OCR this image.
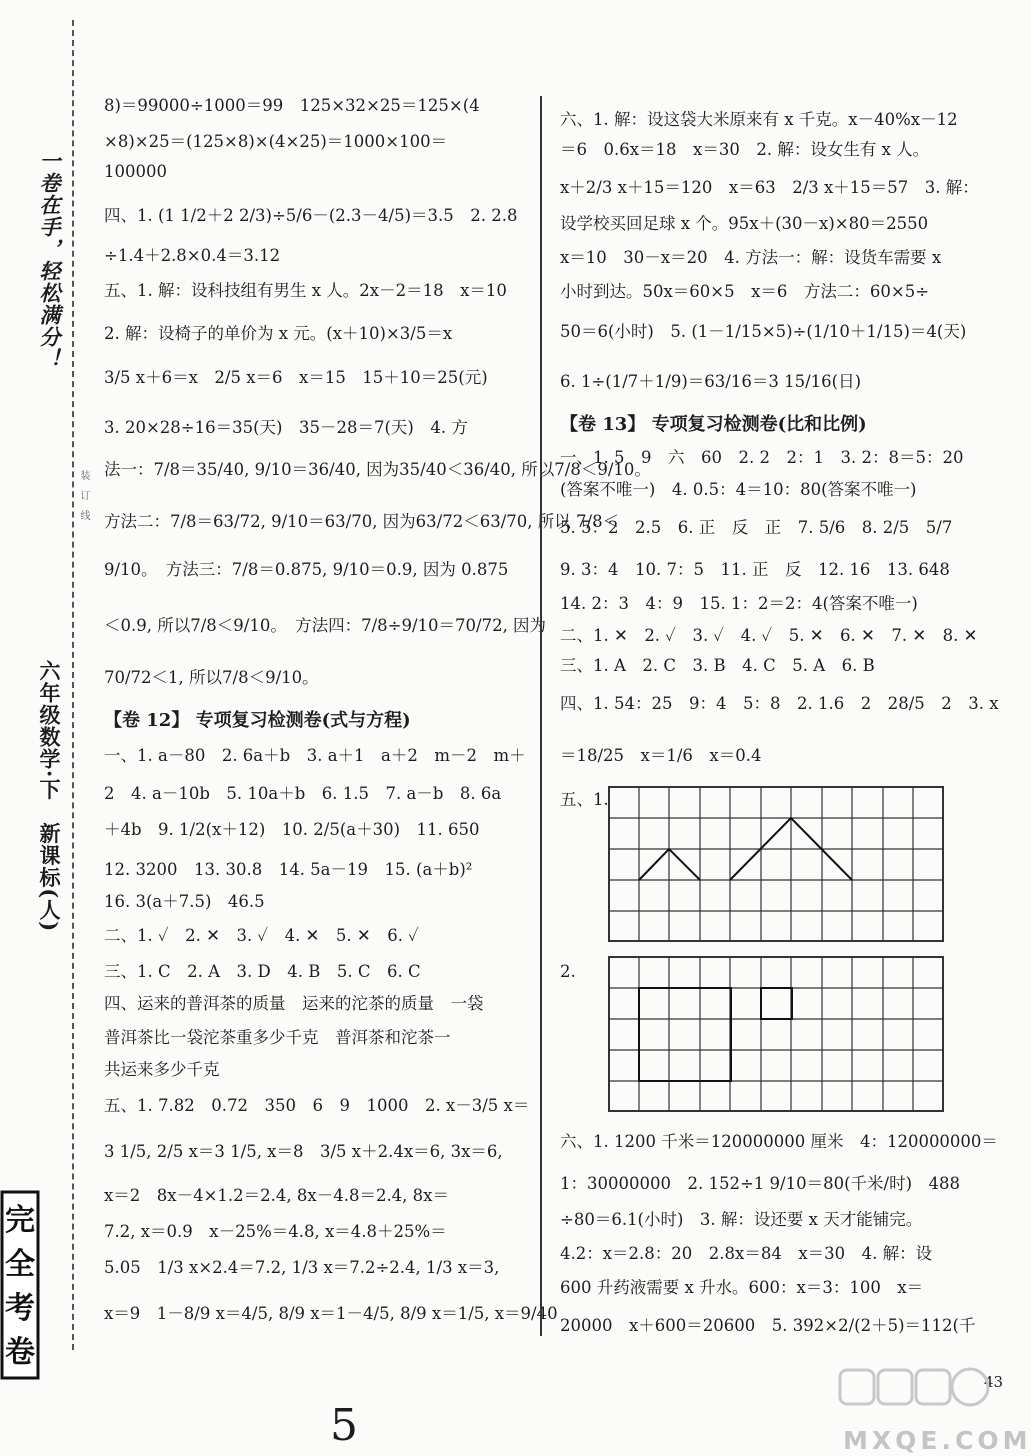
一卷在手，轻松满分！
六年级数学·下　新课标(人)
装　订　线
完
全
考
卷
8)＝99000÷1000＝99　125×32×25＝125×(4
×8)×25＝(125×8)×(4×25)＝1000×100＝
100000
四、1. (1 1/2＋2 2/3)÷5/6－(2.3－4/5)＝3.5　2. 2.8
÷1.4＋2.8×0.4＝3.12
五、1. 解：设科技组有男生 x 人。2x－2＝18　x＝10
2. 解：设椅子的单价为 x 元。(x＋10)×3/5＝x
3/5 x＋6＝x　2/5 x＝6　x＝15　15＋10＝25(元)
3. 20×28÷16＝35(天)　35－28＝7(天)　4. 方
法一：7/8＝35/40, 9/10＝36/40, 因为35/40＜36/40, 所以7/8＜9/10。
方法二：7/8＝63/72, 9/10＝63/70, 因为63/72＜63/70, 所以 7/8＜
9/10。　方法三：7/8＝0.875, 9/10＝0.9, 因为 0.875
＜0.9, 所以7/8＜9/10。　方法四：7/8÷9/10＝70/72, 因为
70/72＜1, 所以7/8＜9/10。
【卷 12】 专项复习检测卷(式与方程)
一、1. a－80　2. 6a＋b　3. a＋1　a＋2　m－2　m＋
2　4. a－10b　5. 10a＋b　6. 1.5　7. a－b　8. 6a
＋4b　9. 1/2(x＋12)　10. 2/5(a＋30)　11. 650
12. 3200　13. 30.8　14. 5a－19　15. (a＋b)²
16. 3(a＋7.5)　46.5
二、1. ✓　2. ✕　3. ✓　4. ✕　5. ✕　6. ✓
三、1. C　2. A　3. D　4. B　5. C　6. C
四、运来的普洱茶的质量　运来的沱茶的质量　一袋
普洱茶比一袋沱茶重多少千克　普洱茶和沱茶一
共运来多少千克
五、1. 7.82　0.72　350　6　9　1000　2. x－3/5 x＝
3 1/5, 2/5 x＝3 1/5, x＝8　3/5 x＋2.4x＝6, 3x＝6,
x＝2　8x－4×1.2＝2.4, 8x－4.8＝2.4, 8x＝
7.2, x＝0.9　x－25%＝4.8, x＝4.8＋25%＝
5.05　1/3 x×2.4＝7.2, 1/3 x＝7.2÷2.4, 1/3 x＝3,
x＝9　1－8/9 x＝4/5, 8/9 x＝1－4/5, 8/9 x＝1/5, x＝9/40
六、1. 解：设这袋大米原来有 x 千克。x－40%x－12
＝6　0.6x＝18　x＝30　2. 解：设女生有 x 人。
x＋2/3 x＋15＝120　x＝63　2/3 x＋15＝57　3. 解：
设学校买回足球 x 个。95x＋(30－x)×80＝2550
x＝10　30－x＝20　4. 方法一：解：设货车需要 x
小时到达。50x＝60×5　x＝6　方法二：60×5÷
50＝6(小时)　5. (1－1/15×5)÷(1/10＋1/15)＝4(天)
6. 1÷(1/7＋1/9)＝63/16＝3 15/16(日)
【卷 13】 专项复习检测卷(比和比例)
一、1. 5　9　六　60　2. 2　2：1　3. 2：8＝5：20
(答案不唯一)　4. 0.5：4＝10：80(答案不唯一)
5. 5：2　2.5　6. 正　反　正　7. 5/6　8. 2/5　5/7
9. 3：4　10. 7：5　11. 正　反　12. 16　13. 648
14. 2：3　4：9　15. 1：2＝2：4(答案不唯一)
二、1. ✕　2. ✓　3. ✓　4. ✓　5. ✕　6. ✕　7. ✕　8. ✕
三、1. A　2. C　3. B　4. C　5. A　6. B
四、1. 54：25　9：4　5：8　2. 1.6　2　28/5　2　3. x
＝18/25　x＝1/6　x＝0.4
五、1.
2.
六、1. 1200 千米＝120000000 厘米　4：120000000＝
1：30000000　2. 152÷1 9/10＝80(千米/时)　488
÷80＝6.1(小时)　3. 解：设还要 x 天才能铺完。
4.2：x＝2.8：20　2.8x＝84　x＝30　4. 解：设
600 升药液需要 x 升水。600：x＝3：100　x＝
20000　x＋600＝20600　5. 392×2/(2＋5)＝112(千
43
5	MXQE.COM
